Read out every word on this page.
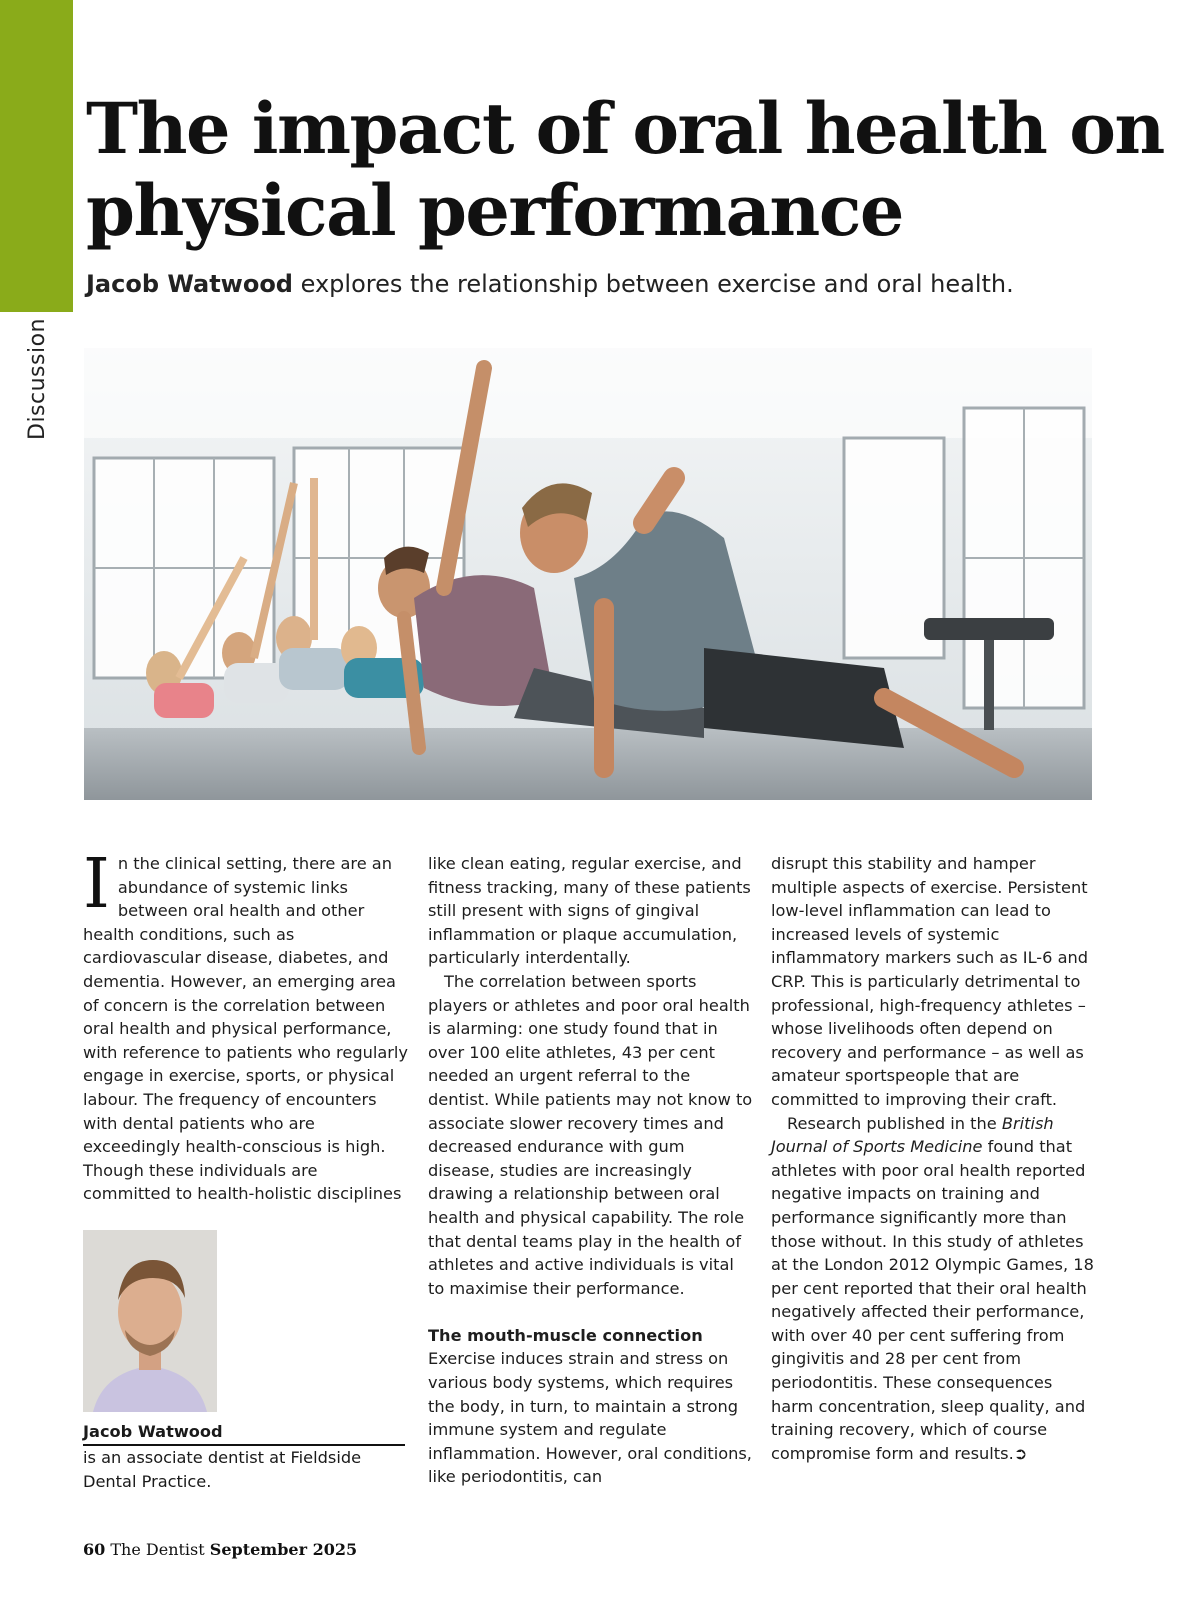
Discussion
The impact of oral health on physical performance

Jacob Watwood explores the relationship between exercise and oral health.

In the clinical setting, there are an abundance of systemic links between oral health and other health conditions, such as cardiovascular disease, diabetes, and dementia. However, an emerging area of concern is the correlation between oral health and physical performance, with reference to patients who regularly engage in exercise, sports, or physical labour. The frequency of encounters with dental patients who are exceedingly health-conscious is high. Though these individuals are committed to health-holistic disciplines

like clean eating, regular exercise, and fitness tracking, many of these patients still present with signs of gingival inflammation or plaque accumulation, particularly interdentally.

The correlation between sports players or athletes and poor oral health is alarming: one study found that in over 100 elite athletes, 43 per cent needed an urgent referral to the dentist. While patients may not know to associate slower recovery times and decreased endurance with gum disease, studies are increasingly drawing a relationship between oral health and physical capability. The role that dental teams play in the health of athletes and active individuals is vital to maximise their performance.

The mouth-muscle connection

Exercise induces strain and stress on various body systems, which requires the body, in turn, to maintain a strong immune system and regulate inflammation. However, oral conditions, like periodontitis, can

disrupt this stability and hamper multiple aspects of exercise. Persistent low-level inflammation can lead to increased levels of systemic inflammatory markers such as IL-6 and CRP. This is particularly detrimental to professional, high-frequency athletes – whose livelihoods often depend on recovery and performance – as well as amateur sportspeople that are committed to improving their craft.

Research published in the British Journal of Sports Medicine found that athletes with poor oral health reported negative impacts on training and performance significantly more than those without. In this study of athletes at the London 2012 Olympic Games, 18 per cent reported that their oral health negatively affected their performance, with over 40 per cent suffering from gingivitis and 28 per cent from periodontitis. These consequences harm concentration, sleep quality, and training recovery, which of course compromise form and results.➲

Jacob Watwood
is an associate dentist at Fieldside Dental Practice.
60 The Dentist September 2025
